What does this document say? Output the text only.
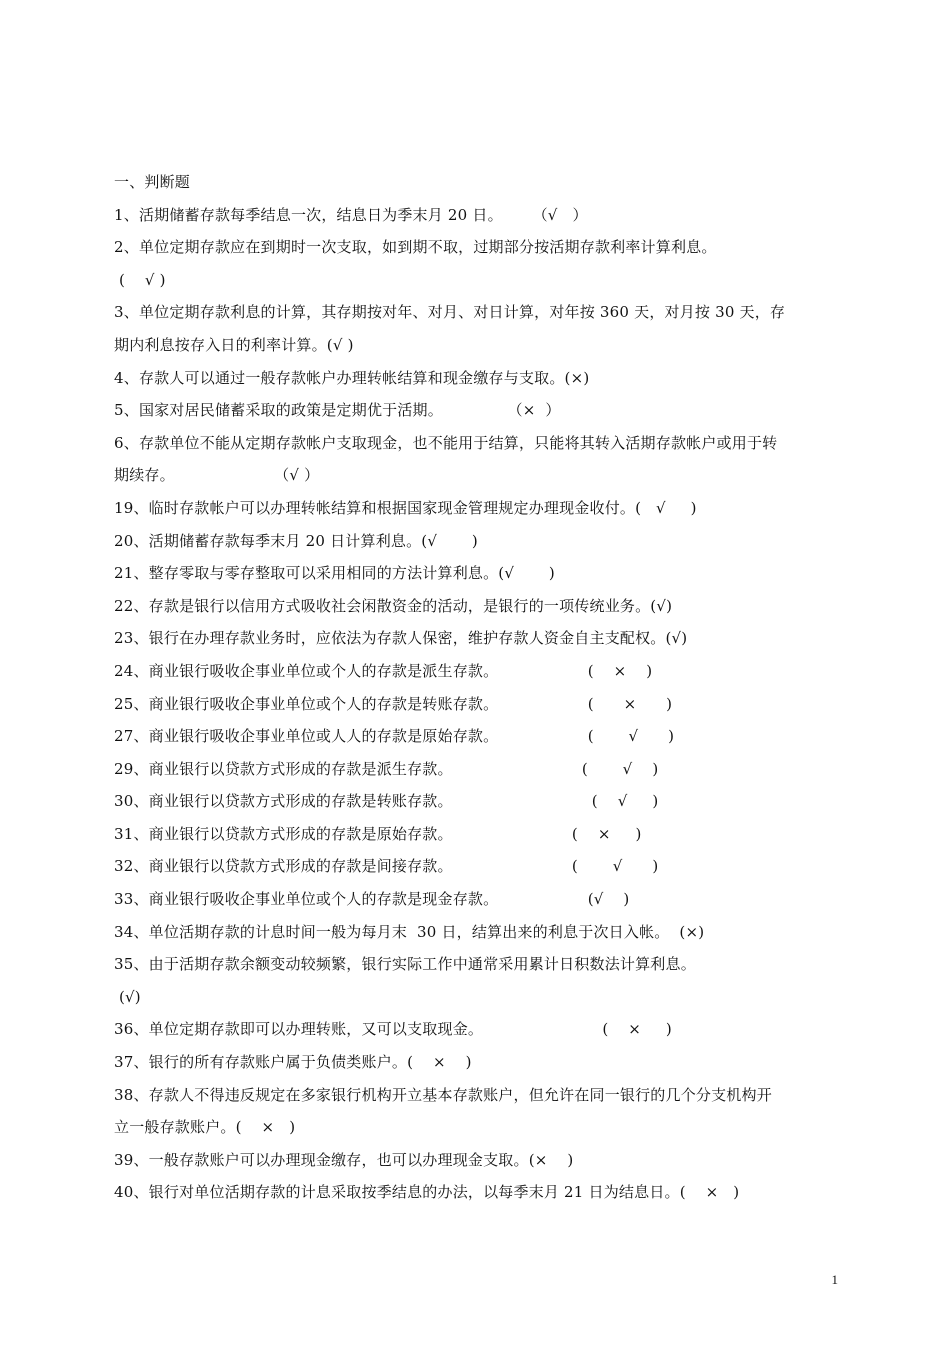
一、判断题
1、活期储蓄存款每季结息一次，结息日为季末月 20 日。      （√   ）
2、单位定期存款应在到期时一次支取，如到期不取，过期部分按活期存款利率计算利息。
(    √ )
3、单位定期存款利息的计算，其存期按对年、对月、对日计算，对年按 360 天，对月按 30 天，存
期内利息按存入日的利率计算。(√ )
4、存款人可以通过一般存款帐户办理转帐结算和现金缴存与支取。(×)
5、国家对居民储蓄采取的政策是定期优于活期。             （×  ）
6、存款单位不能从定期存款帐户支取现金，也不能用于结算，只能将其转入活期存款帐户或用于转
期续存。                    （√ ）
19、临时存款帐户可以办理转帐结算和根据国家现金管理规定办理现金收付。(   √     )
20、活期储蓄存款每季末月 20 日计算利息。(√       )
21、整存零取与零存整取可以采用相同的方法计算利息。(√       )
22、存款是银行以信用方式吸收社会闲散资金的活动，是银行的一项传统业务。(√)
23、银行在办理存款业务时，应依法为存款人保密，维护存款人资金自主支配权。(√)
24、商业银行吸收企事业单位或个人的存款是派生存款。                  (    ×    )
25、商业银行吸收企事业单位或个人的存款是转账存款。                  (      ×      )
27、商业银行吸收企事业单位或人人的存款是原始存款。                  (       √      )
29、商业银行以贷款方式形成的存款是派生存款。                          (       √    )
30、商业银行以贷款方式形成的存款是转账存款。                            (    √     )
31、商业银行以贷款方式形成的存款是原始存款。                        (    ×     )
32、商业银行以贷款方式形成的存款是间接存款。                        (       √      )
33、商业银行吸收企事业单位或个人的存款是现金存款。                  (√    )
34、单位活期存款的计息时间一般为每月末  30 日，结算出来的利息于次日入帐。  (×)
35、由于活期存款余额变动较频繁，银行实际工作中通常采用累计日积数法计算利息。
(√)
36、单位定期存款即可以办理转账，又可以支取现金。                        (    ×     )
37、银行的所有存款账户属于负债类账户。(    ×    )
38、存款人不得违反规定在多家银行机构开立基本存款账户，但允许在同一银行的几个分支机构开
立一般存款账户。(    ×   )
39、一般存款账户可以办理现金缴存，也可以办理现金支取。(×    )
40、银行对单位活期存款的计息采取按季结息的办法，以每季末月 21 日为结息日。(    ×   )
1
